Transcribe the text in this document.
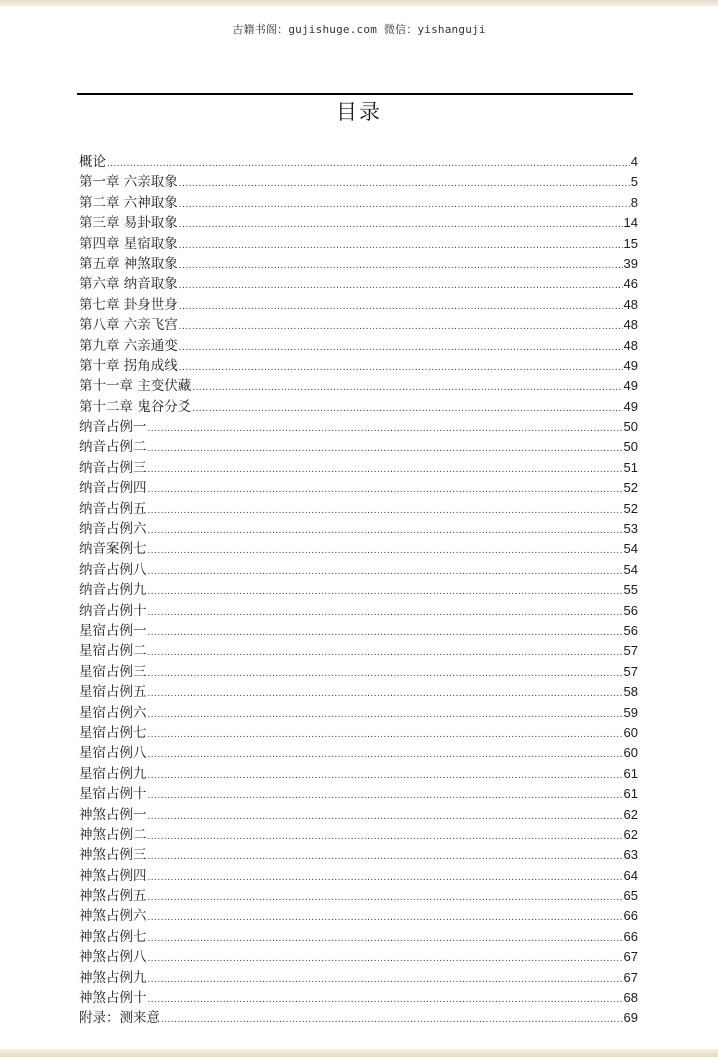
古籍书阁：gujishuge.com 微信：yishanguji
目录
概论 .....	4
第一章 六亲取象 .....	5
第二章 六神取象 .....	8
第三章 易卦取象 .....	14
第四章 星宿取象 .....	15
第五章 神煞取象 .....	39
第六章 纳音取象 .....	46
第七章 卦身世身 .....	48
第八章 六亲飞宫 .....	48
第九章 六亲通变 .....	48
第十章 拐角成线 .....	49
第十一章 主变伏藏 .....	49
第十二章 鬼谷分爻 .....	49
纳音占例一 .....	50
纳音占例二 .....	50
纳音占例三 .....	51
纳音占例四 .....	52
纳音占例五 .....	52
纳音占例六 .....	53
纳音案例七 .....	54
纳音占例八 .....	54
纳音占例九 .....	55
纳音占例十 .....	56
星宿占例一 .....	56
星宿占例二 .....	57
星宿占例三 .....	57
星宿占例五 .....	58
星宿占例六 .....	59
星宿占例七 .....	60
星宿占例八 .....	60
星宿占例九 .....	61
星宿占例十 .....	61
神煞占例一 .....	62
神煞占例二 .....	62
神煞占例三 .....	63
神煞占例四 .....	64
神煞占例五 .....	65
神煞占例六 .....	66
神煞占例七 .....	66
神煞占例八 .....	67
神煞占例九 .....	67
神煞占例十 .....	68
附录：测来意 .....	69
